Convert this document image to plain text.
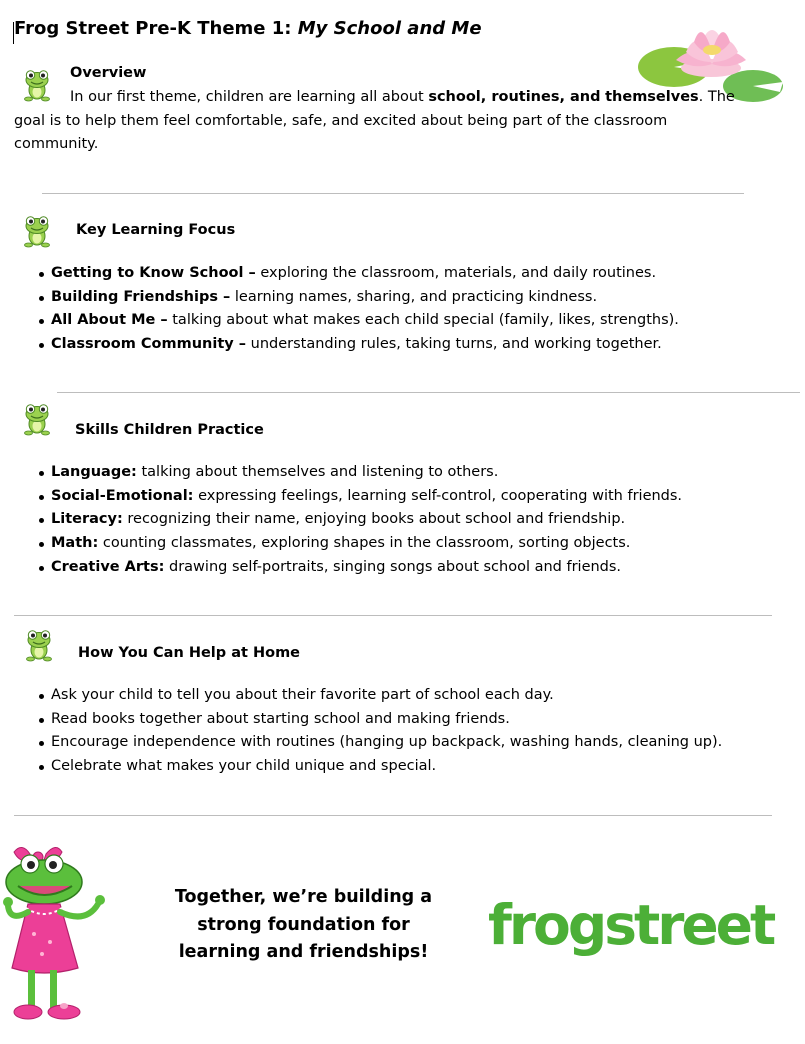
Frog Street Pre-K Theme 1: My School and Me
Overview
In our first theme, children are learning all about school, routines, and themselves. The goal is to help them feel comfortable, safe, and excited about being part of the classroom community.
Key Learning Focus
Getting to Know School – exploring the classroom, materials, and daily routines.
Building Friendships – learning names, sharing, and practicing kindness.
All About Me – talking about what makes each child special (family, likes, strengths).
Classroom Community – understanding rules, taking turns, and working together.
Skills Children Practice
Language: talking about themselves and listening to others.
Social-Emotional: expressing feelings, learning self-control, cooperating with friends.
Literacy: recognizing their name, enjoying books about school and friendship.
Math: counting classmates, exploring shapes in the classroom, sorting objects.
Creative Arts: drawing self-portraits, singing songs about school and friends.
How You Can Help at Home
Ask your child to tell you about their favorite part of school each day.
Read books together about starting school and making friends.
Encourage independence with routines (hanging up backpack, washing hands, cleaning up).
Celebrate what makes your child unique and special.
Together, we’re building a
strong foundation for
learning and friendships!	frogstreet
